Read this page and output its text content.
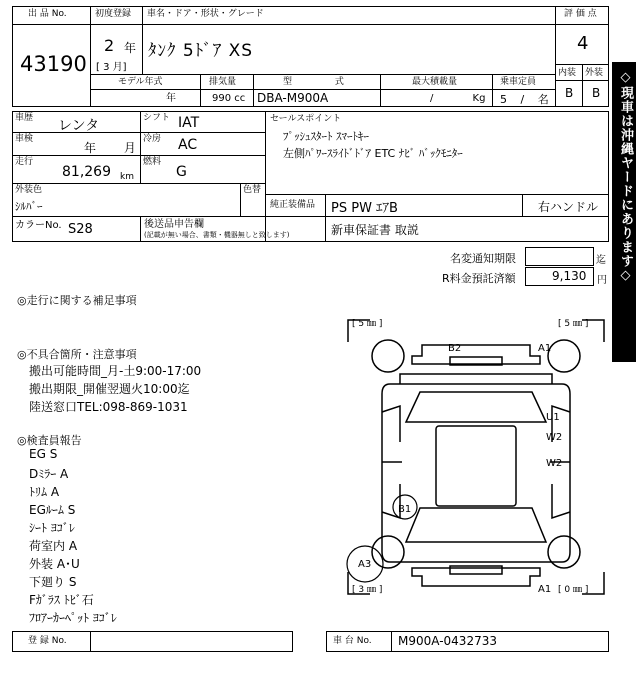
出 品 No.
43190
初度登録
2 年
[ 3 月]
車名・ドア・形状・グレード
ﾀﾝｸ 5ﾄﾞｱ XS
モデル年式
年
排気量
990 cc
型 式
DBA-M900A
最大積載量
/ Kg
乗車定員
5 / 名
評 価 点
4
内装 外装
B B
車歴 レンタ	シフト IAT
車検
年 月
冷房 AC
走行
81,269 km
燃料
G
外装色
ｼﾙﾊﾞｰ
色替
カラーNo. S28	後送品申告欄
(記載が無い場合、書類・機器無しと致します)
セールスポイント
ﾌﾟｯｼｭｽﾀｰﾄ ｽﾏｰﾄｷｰ
左側ﾊﾟﾜｰｽﾗｲﾄﾞﾄﾞｱ ETC ﾅﾋﾞ ﾊﾞｯｸﾓﾆﾀｰ
純正装備品 PS PW ｴｱB	右ハンドル
新車保証書 取説
名変通知期限	迄
R料金預託済額	9,130 円
◎走行に関する補足事項
◎不具合箇所・注意事項
搬出可能時間_月-土9:00-17:00
搬出期限_開催翌週火10:00迄
陸送窓口TEL:098-869-1031
◎検査員報告
EG S
Dﾐﾗｰ A
ﾄﾘﾑ A
EGﾙｰﾑ S
ｼｰﾄ ﾖｺﾞﾚ
荷室内 A
外装 A･U
下廻り S
Fｶﾞﾗｽ ﾄﾋﾞ石
ﾌﾛｱｰｶｰﾍﾟｯﾄ ﾖｺﾞﾚ
[ 5 ㎜ ]	[ 5 ㎜ ]
[ 3 ㎜ ]	[ 0 ㎜ ]
B2	A1
U1
W2
W2
B1
A3
A1
登 録 No.	車 台 No. M900A-0432733
◇現車は沖縄ヤードにあります◇
